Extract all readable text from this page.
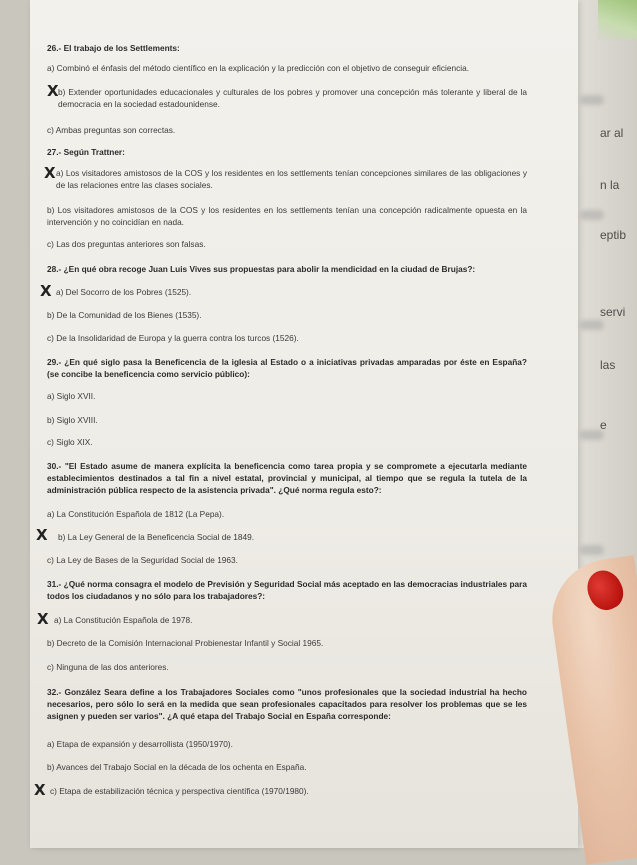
ar al
n la
eptib
servi
las
e
26.- El trabajo de los Settlements:
a) Combinó el énfasis del método científico en la explicación y la predicción con el objetivo de conseguir eficiencia.
X b) Extender oportunidades educacionales y culturales de los pobres y promover una concepción más tolerante y liberal de la democracia en la sociedad estadounidense.
c) Ambas preguntas son correctas.
27.- Según Trattner:
X a) Los visitadores amistosos de la COS y los residentes en los settlements tenían concepciones similares de las obligaciones y de las relaciones entre las clases sociales.
b) Los visitadores amistosos de la COS y los residentes en los settlements tenían una concepción radicalmente opuesta en la intervención y no coincidían en nada.
c) Las dos preguntas anteriores son falsas.
28.- ¿En qué obra recoge Juan Luis Vives sus propuestas para abolir la mendicidad en la ciudad de Brujas?:
X a) Del Socorro de los Pobres (1525).
b) De la Comunidad de los Bienes (1535).
c) De la Insolidaridad de Europa y la guerra contra los turcos (1526).
29.- ¿En qué siglo pasa la Beneficencia de la iglesia al Estado o a iniciativas privadas amparadas por éste en España? (se concibe la beneficencia como servicio público):
a) Siglo XVII.
b) Siglo XVIII.
c) Siglo XIX.
30.- "El Estado asume de manera explícita la beneficencia como tarea propia y se compromete a ejecutarla mediante establecimientos destinados a tal fin a nivel estatal, provincial y municipal, al tiempo que se regula la tutela de la administración pública respecto de la asistencia privada". ¿Qué norma regula esto?:
a) La Constitución Española de 1812 (La Pepa).
X b) La Ley General de la Beneficencia Social de 1849.
c) La Ley de Bases de la Seguridad Social de 1963.
31.- ¿Qué norma consagra el modelo de Previsión y Seguridad Social más aceptado en las democracias industriales para todos los ciudadanos y no sólo para los trabajadores?:
X a) La Constitución Española de 1978.
b) Decreto de la Comisión Internacional Probienestar Infantil y Social 1965.
c) Ninguna de las dos anteriores.
32.- González Seara define a los Trabajadores Sociales como "unos profesionales que la sociedad industrial ha hecho necesarios, pero sólo lo será en la medida que sean profesionales capacitados para resolver los problemas que se les asignen y pueden ser varios". ¿A qué etapa del Trabajo Social en España corresponde:
a) Etapa de expansión y desarrollista (1950/1970).
b) Avances del Trabajo Social en la década de los ochenta en España.
X c) Etapa de estabilización técnica y perspectiva científica (1970/1980).
